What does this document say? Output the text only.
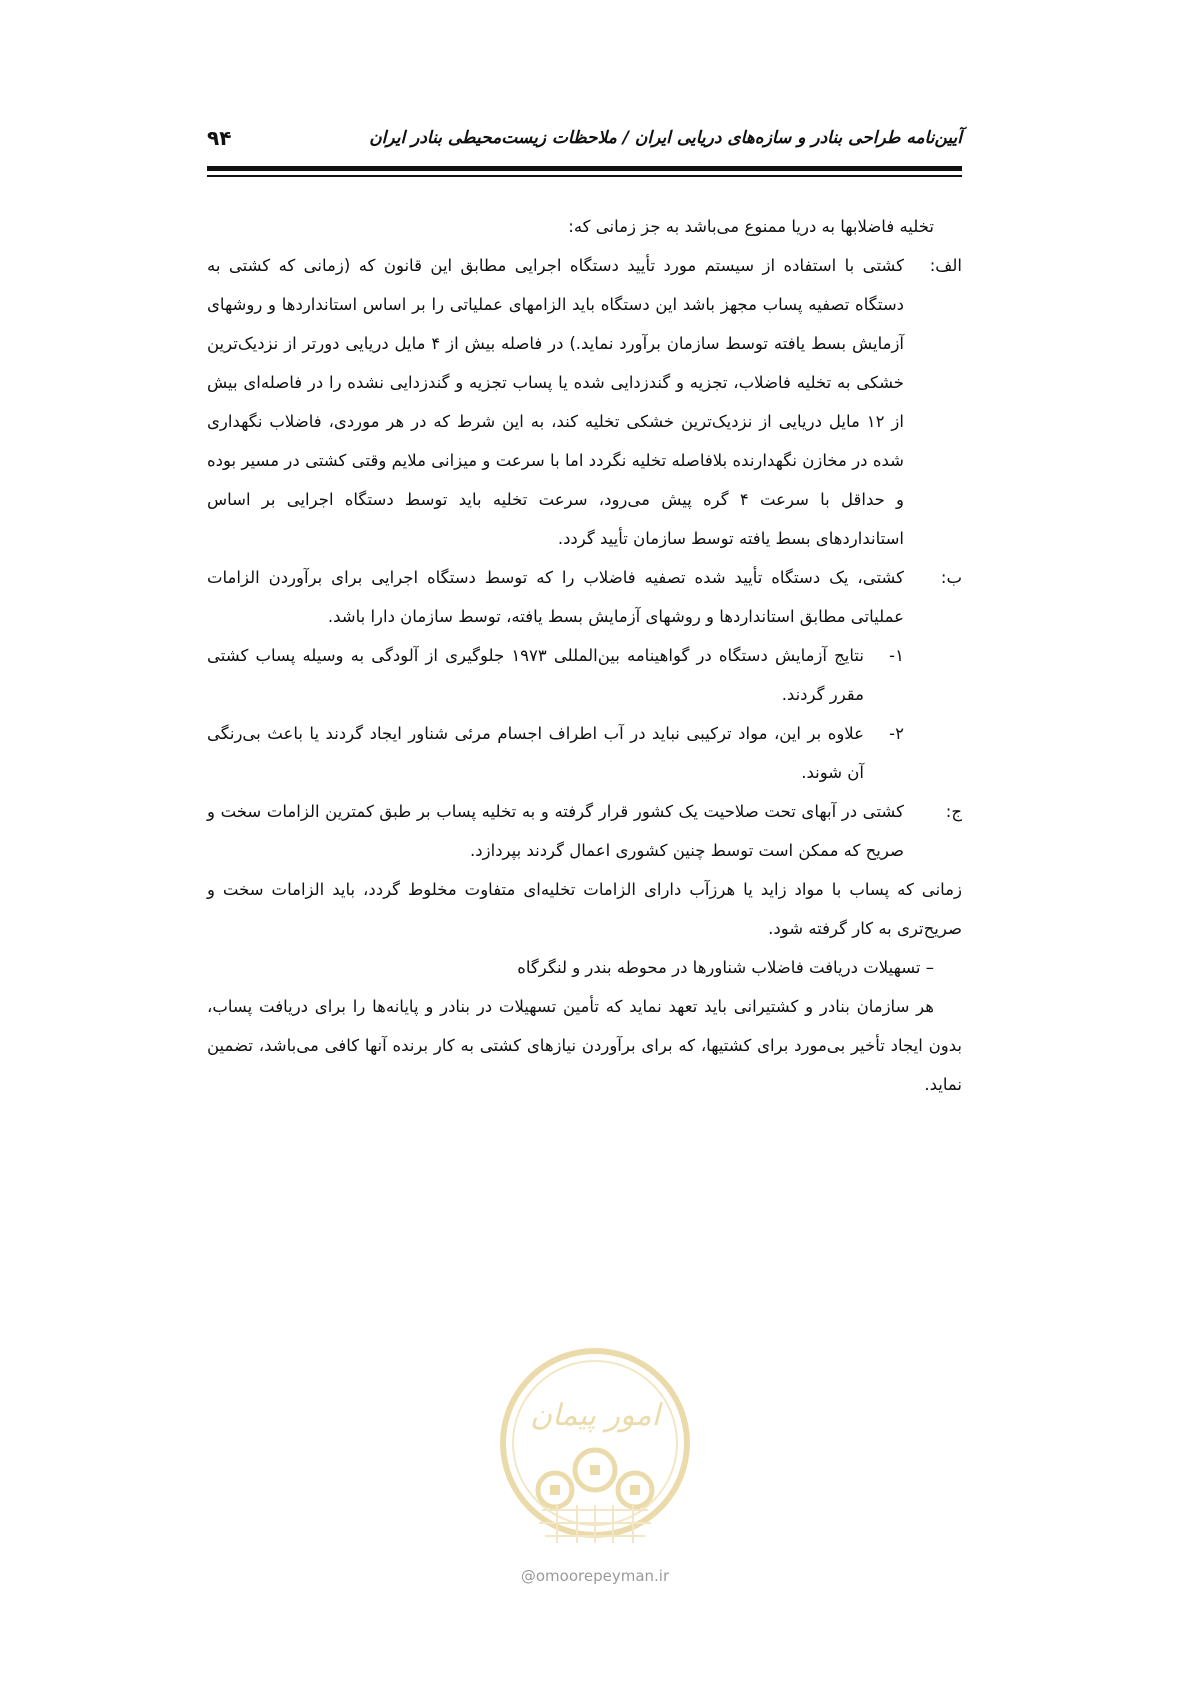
آیین‌نامه طراحی بنادر و سازه‌های دریایی ایران / ملاحظات زیست‌محیطی بنادر ایران
۹۴

تخلیه فاضلابها به دریا ممنوع می‌باشد به جز زمانی که:

الف:
کشتی با استفاده از سیستم مورد تأیید دستگاه اجرایی مطابق این قانون که (زمانی که کشتی به دستگاه تصفیه پساب مجهز باشد این دستگاه باید الزامهای عملیاتی را بر اساس استانداردها و روشهای آزمایش بسط یافته توسط سازمان برآورد نماید.) در فاصله بیش از ۴ مایل دریایی دورتر از نزدیک‌ترین خشکی به تخلیه فاضلاب، تجزیه و گندزدایی شده یا پساب تجزیه و گندزدایی نشده را در فاصله‌ای بیش از ۱۲ مایل دریایی از نزدیک‌ترین خشکی تخلیه کند، به این شرط که در هر موردی، فاضلاب نگهداری شده در مخازن نگهدارنده بلافاصله تخلیه نگردد اما با سرعت و میزانی ملایم وقتی کشتی در مسیر بوده و حداقل با سرعت ۴ گره پیش می‌رود، سرعت تخلیه باید توسط دستگاه اجرایی بر اساس استانداردهای بسط یافته توسط سازمان تأیید گردد.
ب:
کشتی، یک دستگاه تأیید شده تصفیه فاضلاب را که توسط دستگاه اجرایی برای برآوردن الزامات عملیاتی مطابق استانداردها و روشهای آزمایش بسط یافته، توسط سازمان دارا باشد.
۱-
نتایج آزمایش دستگاه در گواهینامه بین‌المللی ۱۹۷۳ جلوگیری از آلودگی به وسیله پساب کشتی مقرر گردند.
۲-
علاوه بر این، مواد ترکیبی نباید در آب اطراف اجسام مرئی شناور ایجاد گردند یا باعث بی‌رنگی آن شوند.
ج:
کشتی در آبهای تحت صلاحیت یک کشور قرار گرفته و به تخلیه پساب بر طبق کمترین الزامات سخت و صریح که ممکن است توسط چنین کشوری اعمال گردند بپردازد.

زمانی که پساب با مواد زاید یا هرزآب دارای الزامات تخلیه‌ای متفاوت مخلوط گردد، باید الزامات سخت و صریح‌تری به کار گرفته شود.

– تسهیلات دریافت فاضلاب شناورها در محوطه بندر و لنگرگاه

هر سازمان بنادر و کشتیرانی باید تعهد نماید که تأمین تسهیلات در بنادر و پایانه‌ها را برای دریافت پساب، بدون ایجاد تأخیر بی‌مورد برای کشتیها، که برای برآوردن نیازهای کشتی به کار برنده آنها کافی می‌باشد، تضمین نماید.

امور پیمان
@omoorepeyman.ir
